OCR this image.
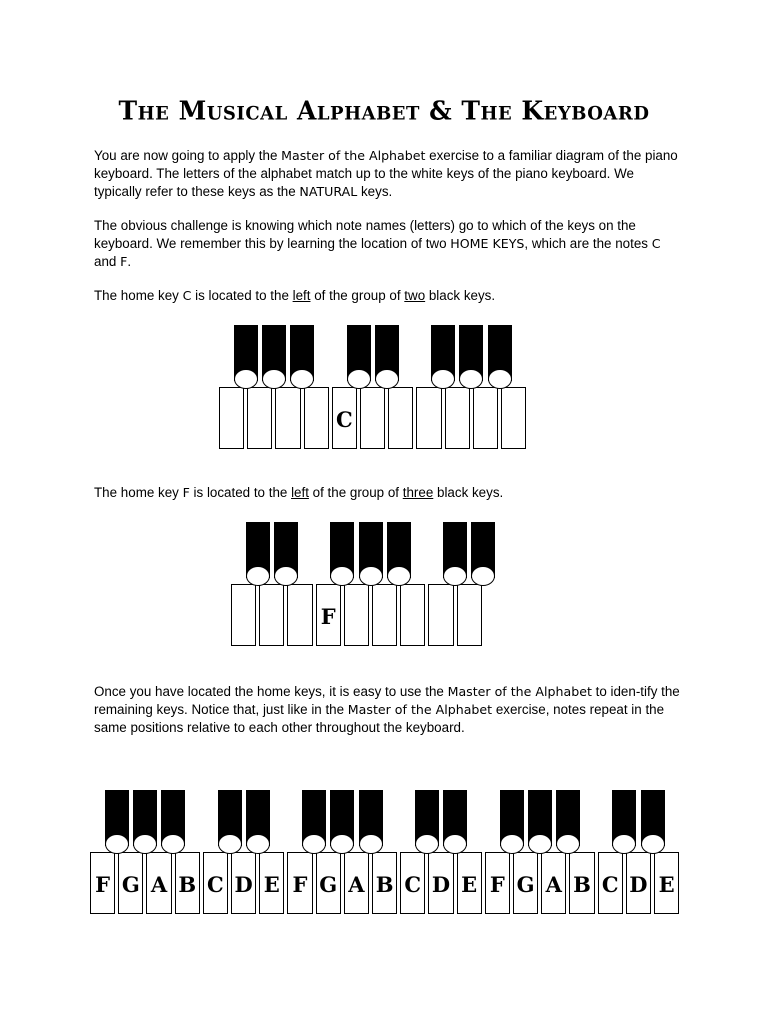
The Musical Alphabet & The Keyboard
You are now going to apply the Master of the Alphabet exercise to a familiar diagram of the piano keyboard. The letters of the alphabet match up to the white keys of the piano keyboard. We typically refer to these keys as the NATURAL keys.
The obvious challenge is knowing which note names (letters) go to which of the keys on the keyboard. We remember this by learning the location of two HOME KEYS, which are the notes C and F.
The home key C is located to the left of the group of two black keys.
C
The home key F is located to the left of the group of three black keys.
F
Once you have located the home keys, it is easy to use the Master of the Alphabet to iden-tify the remaining keys. Notice that, just like in the Master of the Alphabet exercise, notes repeat in the same positions relative to each other throughout the keyboard.
F G A B C D E F G A B C D E F G A B C D E
